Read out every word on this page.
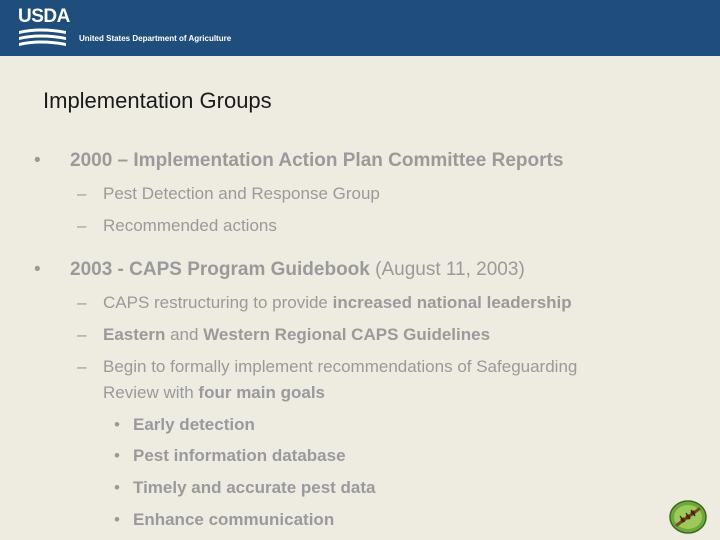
USDA
United States Department of Agriculture
Implementation Groups
• 2000 – Implementation Action Plan Committee Reports
– Pest Detection and Response Group
– Recommended actions
• 2003 - CAPS Program Guidebook (August 11, 2003)
– CAPS restructuring to provide increased national leadership
– Eastern and Western Regional CAPS Guidelines
– Begin to formally implement recommendations of Safeguarding
Review with four main goals
• Early detection
• Pest information database
• Timely and accurate pest data
• Enhance communication
